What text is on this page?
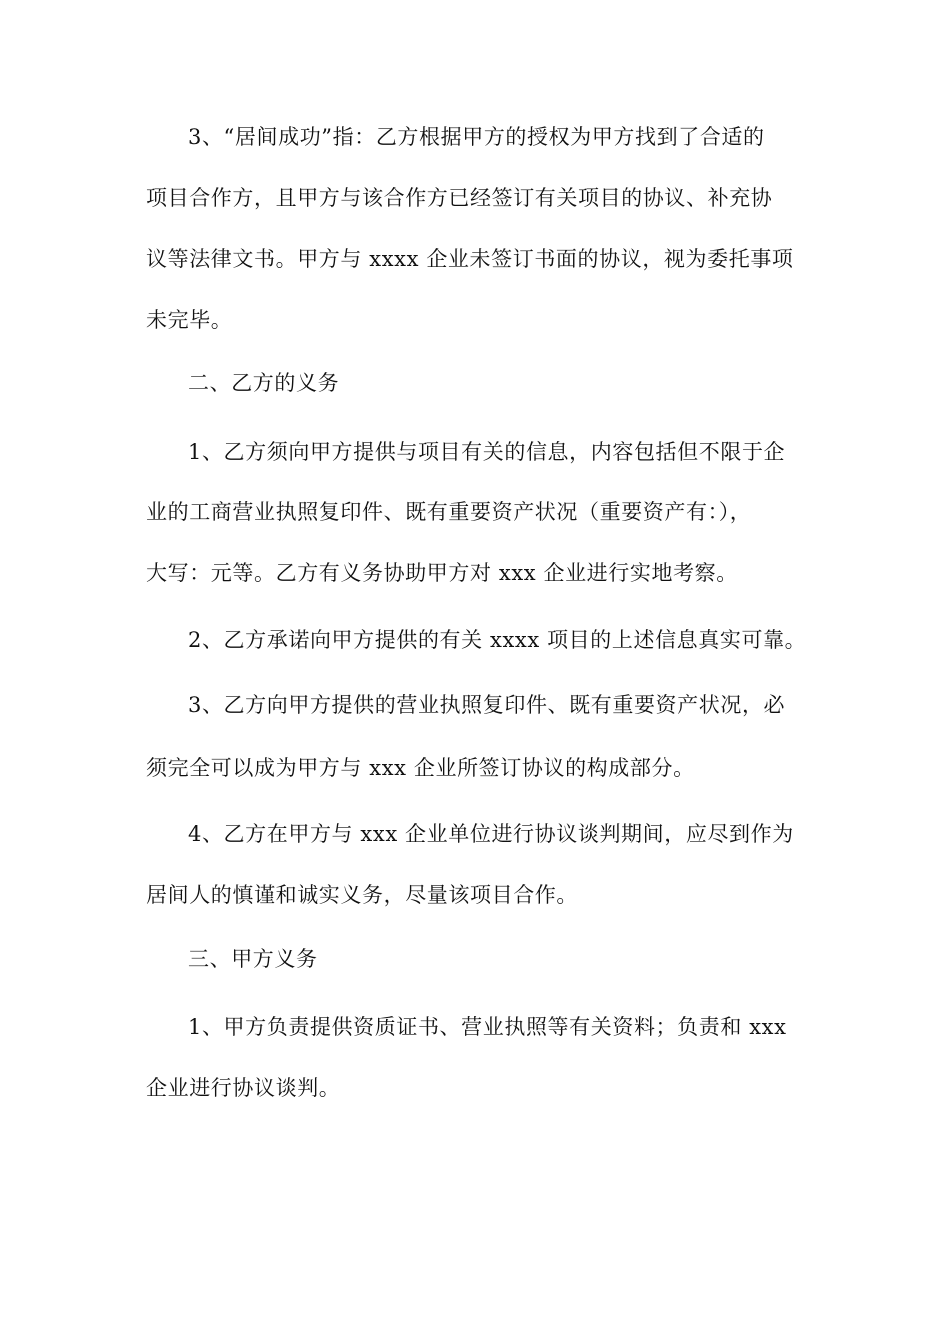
3、“居间成功”指：乙方根据甲方的授权为甲方找到了合适的
项目合作方，且甲方与该合作方已经签订有关项目的协议、补充协
议等法律文书。甲方与 xxxx 企业未签订书面的协议，视为委托事项
未完毕。
二、乙方的义务
1、乙方须向甲方提供与项目有关的信息，内容包括但不限于企
业的工商营业执照复印件、既有重要资产状况（重要资产有：），
大写：元等。乙方有义务协助甲方对 xxx 企业进行实地考察。
2、乙方承诺向甲方提供的有关 xxxx 项目的上述信息真实可靠。
3、乙方向甲方提供的营业执照复印件、既有重要资产状况，必
须完全可以成为甲方与 xxx 企业所签订协议的构成部分。
4、乙方在甲方与 xxx 企业单位进行协议谈判期间，应尽到作为
居间人的慎谨和诚实义务，尽量该项目合作。
三、甲方义务
1、甲方负责提供资质证书、营业执照等有关资料；负责和 xxx
企业进行协议谈判。
